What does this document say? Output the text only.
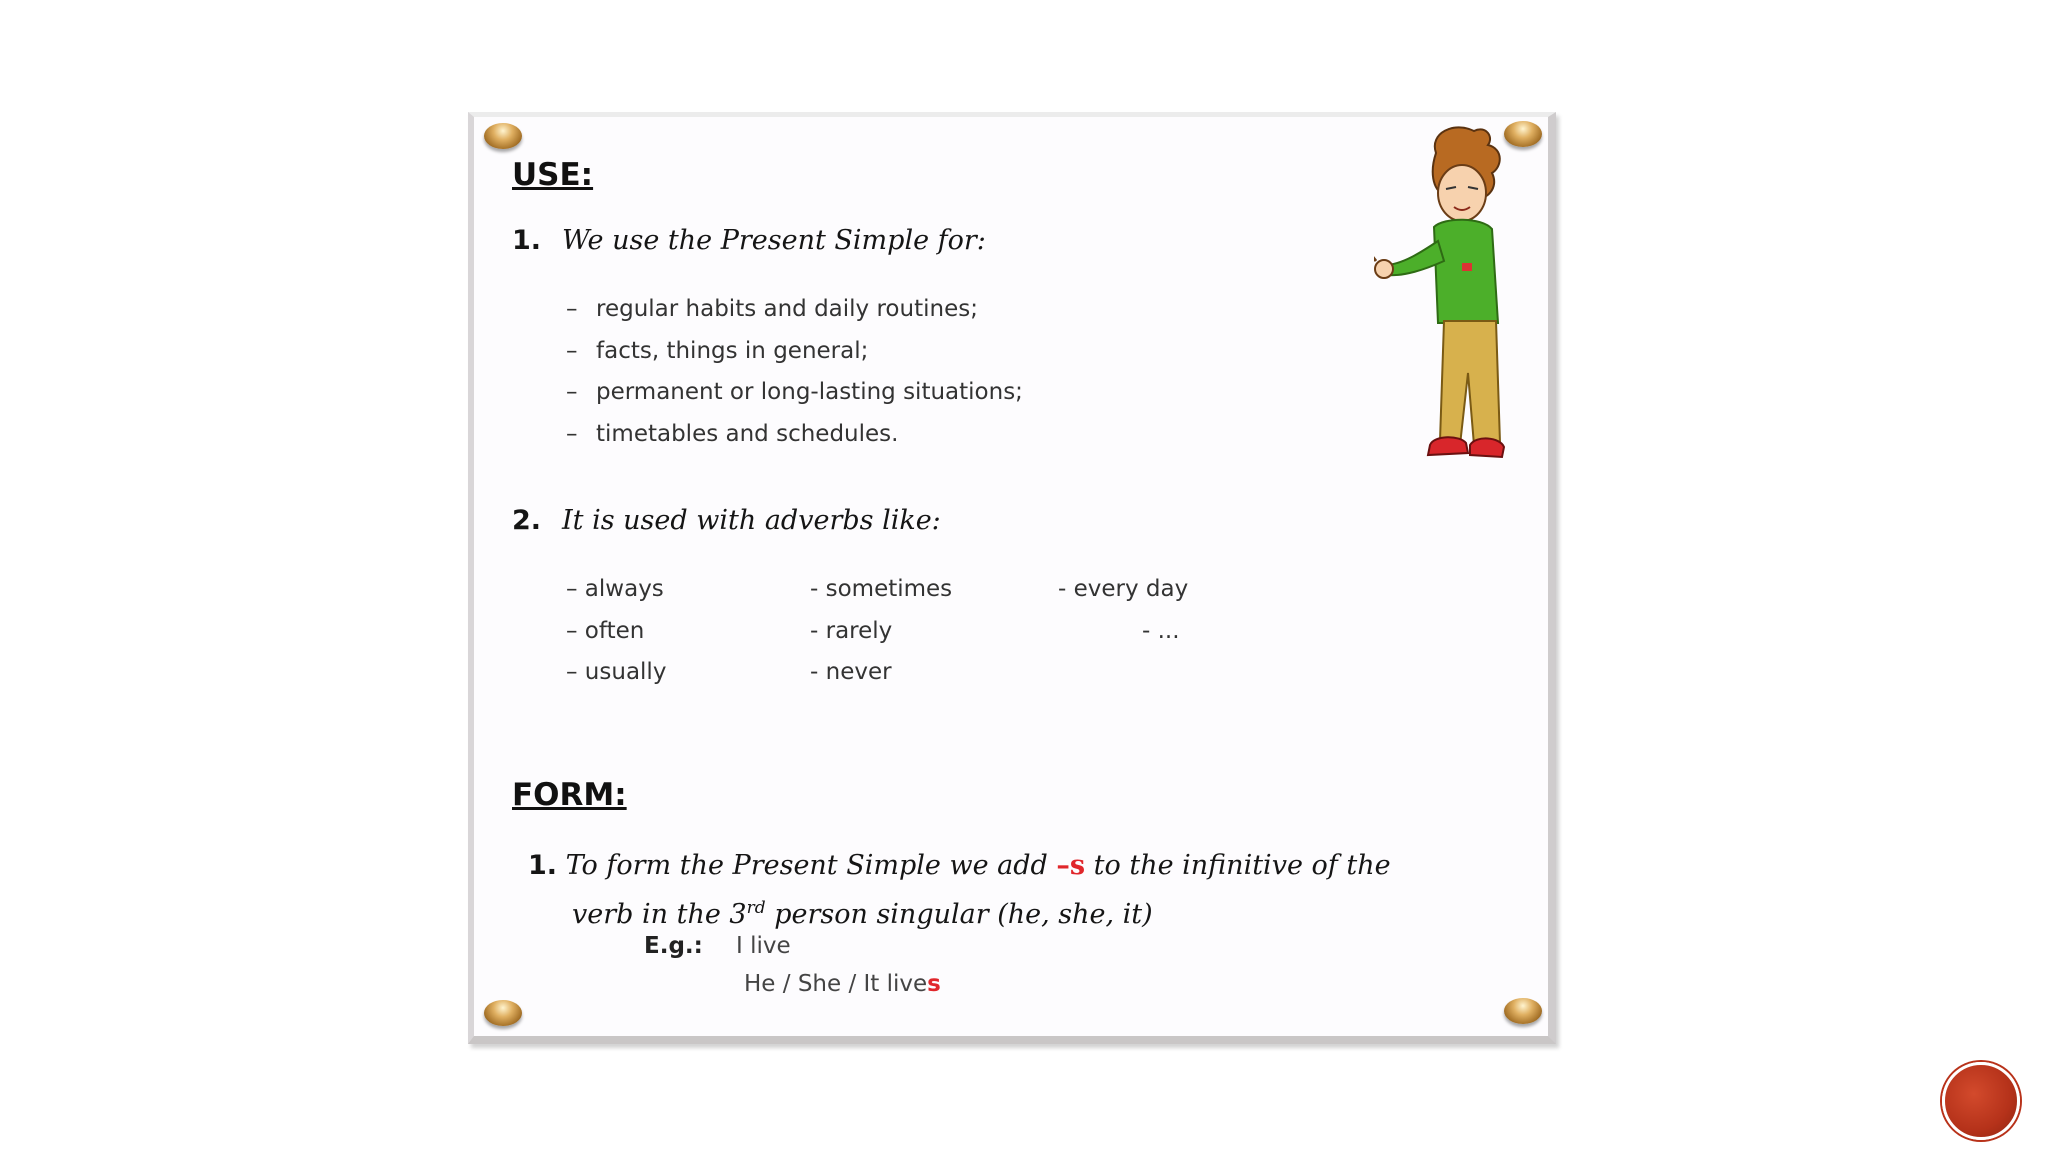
USE:
1. We use the Present Simple for:
– regular habits and daily routines;
– facts, things in general;
– permanent or long-lasting situations;
– timetables and schedules.
2. It is used with adverbs like:
– always
– often
– usually
- sometimes
- rarely
- never
- every day
- ...
FORM:
1. To form the Present Simple we add –s to the infinitive of the
verb in the 3rd person singular (he, she, it)
E.g.: I live
He / She / It lives
